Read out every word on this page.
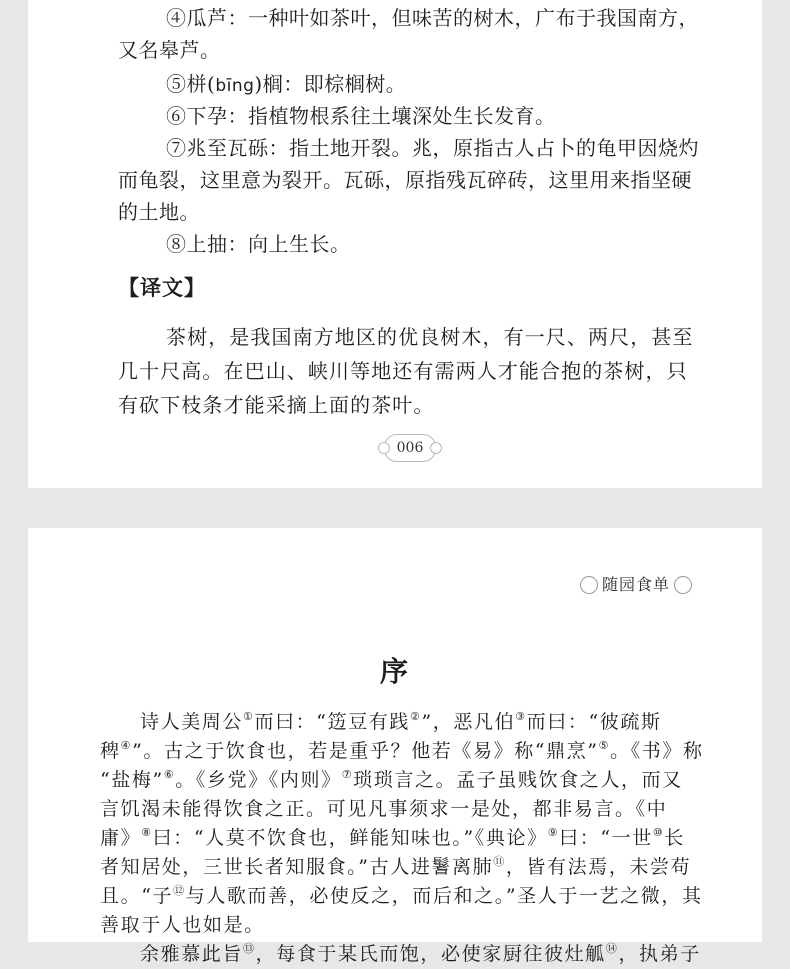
④瓜芦：一种叶如茶叶，但味苦的树木，广布于我国南方，
又名皋芦。
⑤栟(bīng)榈：即棕榈树。
⑥下孕：指植物根系往土壤深处生长发育。
⑦兆至瓦砾：指土地开裂。兆，原指古人占卜的龟甲因烧灼
而龟裂，这里意为裂开。瓦砾，原指残瓦碎砖，这里用来指坚硬
的土地。
⑧上抽：向上生长。
【译文】
茶树，是我国南方地区的优良树木，有一尺、两尺，甚至
几十尺高。在巴山、峡川等地还有需两人才能合抱的茶树，只
有砍下枝条才能采摘上面的茶叶。
006
随园食单
序
诗人美周公①而曰：“笾豆有践②”，恶凡伯③而曰：“彼疏斯
稗④”。古之于饮食也，若是重乎？他若《易》称“鼎烹”⑤。《书》称
“盐梅”⑥。《乡党》《内则》⑦琐琐言之。孟子虽贱饮食之人，而又
言饥渴未能得饮食之正。可见凡事须求一是处，都非易言。《中
庸》⑧曰：“人莫不饮食也，鲜能知味也。”《典论》⑨曰：“一世⑩长
者知居处，三世长者知服食。”古人进鬐离肺⑪，皆有法焉，未尝苟
且。“子⑫与人歌而善，必使反之，而后和之。”圣人于一艺之微，其
善取于人也如是。
余雅慕此旨⑬，每食于某氏而饱，必使家厨往彼灶觚⑭，执弟子
